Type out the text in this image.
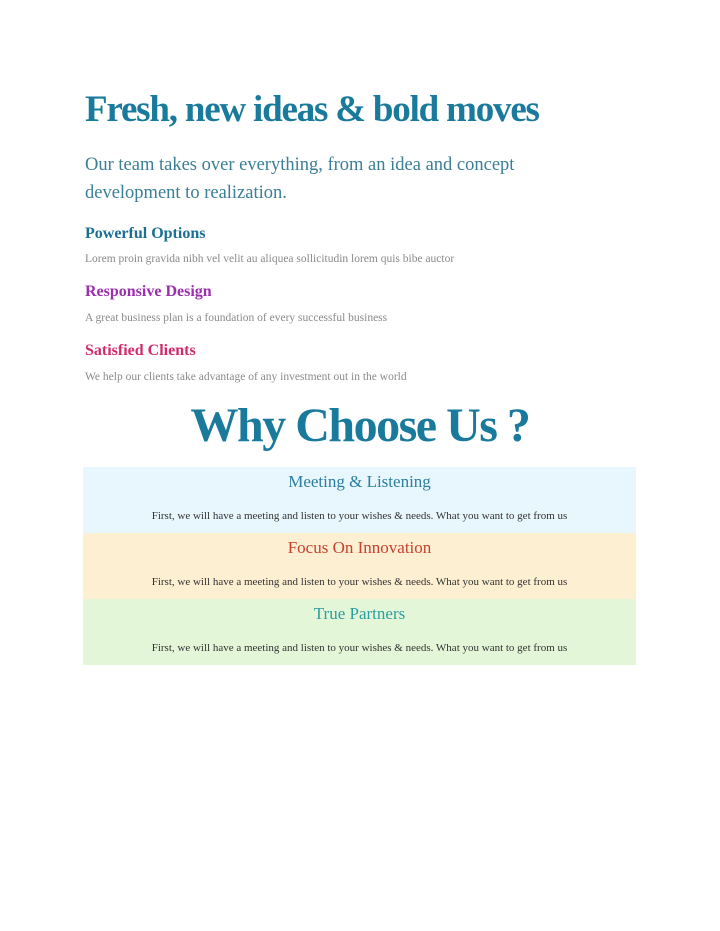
Fresh, new ideas & bold moves

Our team takes over everything, from an idea and concept development to realization.

Powerful Options

Lorem proin gravida nibh vel velit au aliquea sollicitudin lorem quis bibe auctor

Responsive Design

A great business plan is a foundation of every successful business

Satisfied Clients

We help our clients take advantage of any investment out in the world

Why Choose Us ?
Meeting & Listening
First, we will have a meeting and listen to your wishes & needs. What you want to get from us
Focus On Innovation
First, we will have a meeting and listen to your wishes & needs. What you want to get from us
True Partners
First, we will have a meeting and listen to your wishes & needs. What you want to get from us
